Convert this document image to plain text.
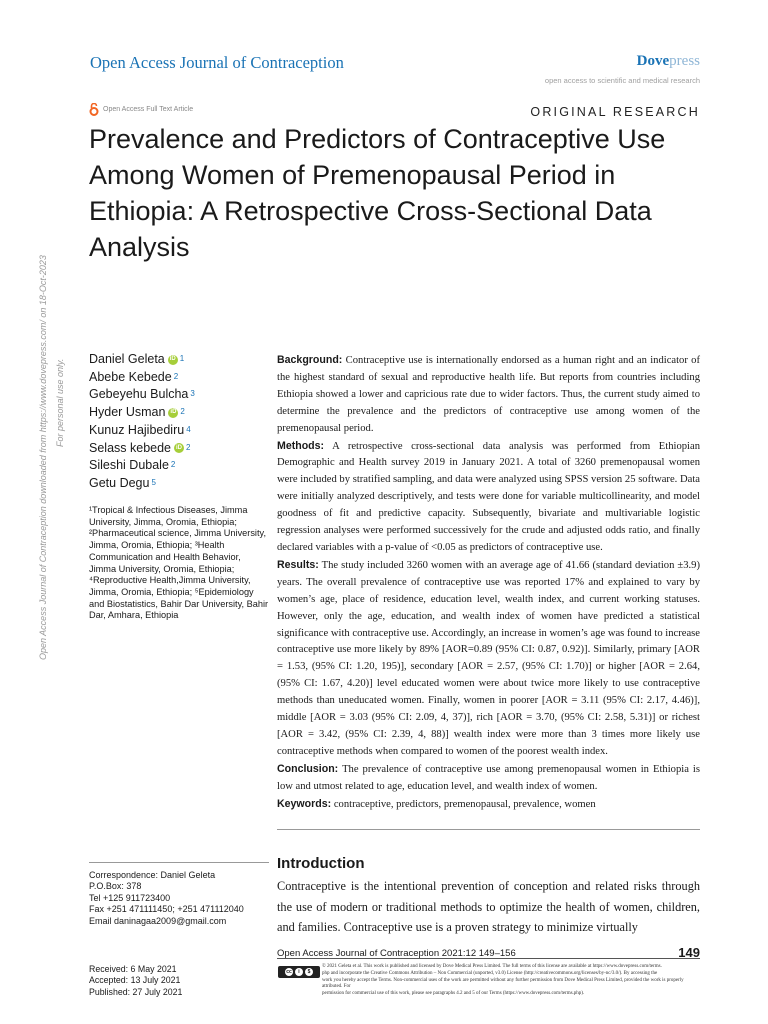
Open Access Journal of Contraception	Dovepress
open access to scientific and medical research
Open Access Full Text Article	ORIGINAL RESEARCH
Prevalence and Predictors of Contraceptive Use Among Women of Premenopausal Period in Ethiopia: A Retrospective Cross-Sectional Data Analysis
Open Access Journal of Contraception downloaded from https://www.dovepress.com/ on 18-Oct-2023 For personal use only. Daniel Geleta iD 1
Abebe Kebede 2
Gebeyehu Bulcha 3
Hyder Usman iD 2
Kunuz Hajibediru 4
Selass kebede iD 2
Sileshi Dubale 2
Getu Degu 5
¹Tropical & Infectious Diseases, Jimma University, Jimma, Oromia, Ethiopia; ²Pharmaceutical science, Jimma University, Jimma, Oromia, Ethiopia; ³Health Communication and Health Behavior, Jimma University, Oromia, Ethiopia; ⁴Reproductive Health,Jimma University, Jimma, Oromia, Ethiopia; ⁵Epidemiology and Biostatistics, Bahir Dar University, Bahir Dar, Amhara, Ethiopia

Background: Contraceptive use is internationally endorsed as a human right and an indicator of the highest standard of sexual and reproductive health life. But reports from countries including Ethiopia showed a lower and capricious rate due to wider factors. Thus, the current study aimed to determine the prevalence and the predictors of contraceptive use among women of the premenopausal period.

Methods: A retrospective cross-sectional data analysis was performed from Ethiopian Demographic and Health survey 2019 in January 2021. A total of 3260 premenopausal women were included by stratified sampling, and data were analyzed using SPSS version 25 software. Data were initially analyzed descriptively, and tests were done for variable multicollinearity, and model goodness of fit and predictive capacity. Subsequently, bivariate and multivariable logistic regression analyses were performed successively for the crude and adjusted odds ratio, and finally declared variables with a p-value of <0.05 as predictors of contraceptive use.

Results: The study included 3260 women with an average age of 41.66 (standard deviation ±3.9) years. The overall prevalence of contraceptive use was reported 17% and explained to vary by women’s age, place of residence, education level, wealth index, and current working statuses. However, only the age, education, and wealth index of women have predicted a statistical significance with contraceptive use. Accordingly, an increase in women’s age was found to increase contraceptive use more likely by 89% [AOR=0.89 (95% CI: 0.87, 0.92)]. Similarly, primary [AOR = 1.53, (95% CI: 1.20, 195)], secondary [AOR = 2.57, (95% CI: 1.70)] or higher [AOR = 2.64, (95% CI: 1.67, 4.20)] level educated women were about twice more likely to use contraceptive methods than uneducated women. Finally, women in poorer [AOR = 3.11 (95% CI: 2.17, 4.46)], middle [AOR = 3.03 (95% CI: 2.09, 4, 37)], rich [AOR = 3.70, (95% CI: 2.58, 5.31)] or richest [AOR = 3.42, (95% CI: 2.39, 4, 88)] wealth index were more than 3 times more likely use contraceptive methods when compared to women of the poorest wealth index.

Conclusion: The prevalence of contraceptive use among premenopausal women in Ethiopia is low and utmost related to age, education level, and wealth index of women.

Keywords: contraceptive, predictors, premenopausal, prevalence, women

Introduction
Contraceptive is the intentional prevention of conception and related risks through the use of modern or traditional methods to optimize the health of women, children, and families. Contraceptive use is a proven strategy to minimize virtually
Correspondence: Daniel Geleta
P.O.Box: 378
Tel +125 911723400
Fax +251 471111450; +251 471112040
Email daninagaa2009@gmail.com
Received: 6 May 2021
Accepted: 13 July 2021
Published: 27 July 2021
Open Access Journal of Contraception 2021:12 149–156	149
cc	i	$
© 2021 Geleta et al. This work is published and licensed by Dove Medical Press Limited. The full terms of this license are available at https://www.dovepress.com/terms.
php and incorporate the Creative Commons Attribution – Non Commercial (unported, v3.0) License (http://creativecommons.org/licenses/by-nc/3.0/). By accessing the
work you hereby accept the Terms. Non-commercial uses of the work are permitted without any further permission from Dove Medical Press Limited, provided the work is properly attributed. For
permission for commercial use of this work, please see paragraphs 4.2 and 5 of our Terms (https://www.dovepress.com/terms.php).
